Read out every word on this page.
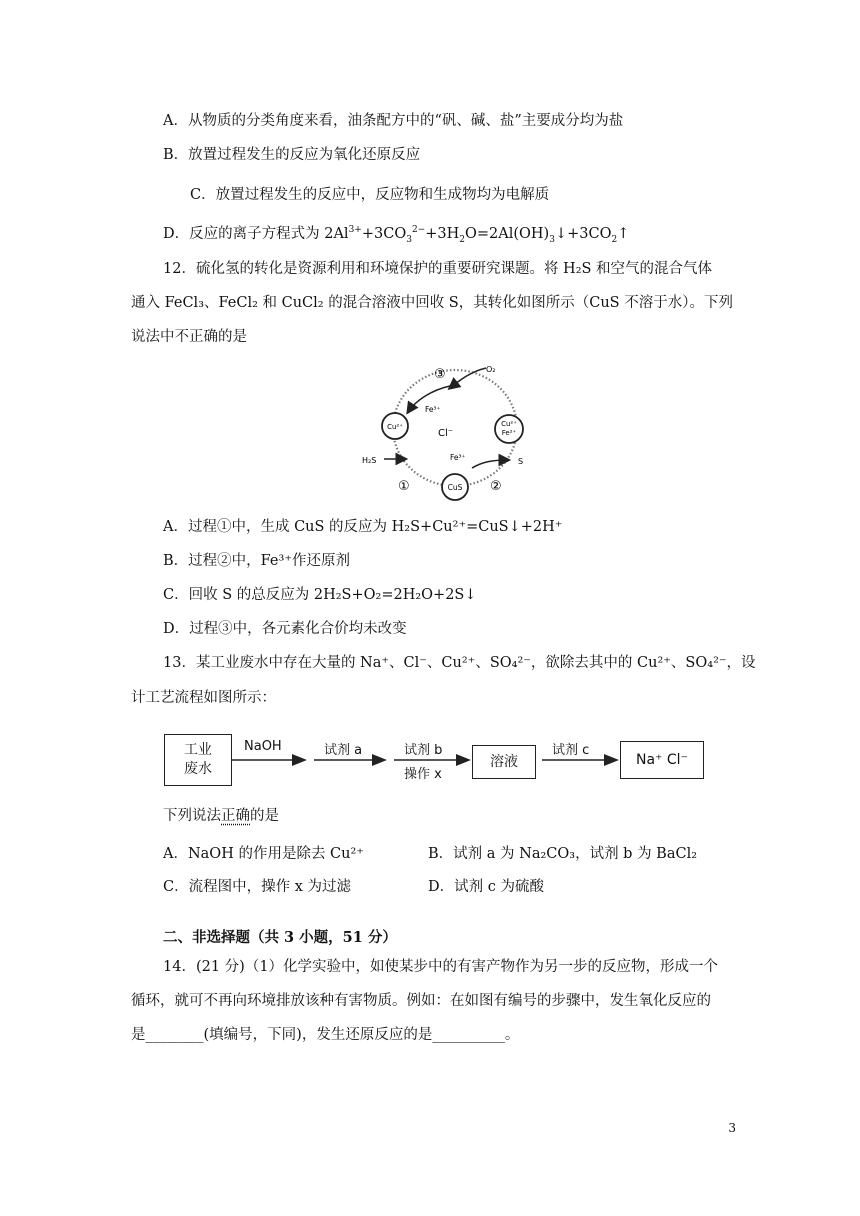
A．从物质的分类角度来看，油条配方中的“矾、碱、盐”主要成分均为盐
B．放置过程发生的反应为氧化还原反应
C．放置过程发生的反应中，反应物和生成物均为电解质
D．反应的离子方程式为 $2Al^{3+}+3CO_3^{2-}+3H_2O=2Al(OH)_3↓+3CO_2↑$
12．硫化氢的转化是资源利用和环境保护的重要研究课题。将 H₂S 和空气的混合气体
通入 FeCl₃、FeCl₂ 和 CuCl₂ 的混合溶液中回收 S，其转化如图所示（CuS 不溶于水）。下列
说法中不正确的是
Cu²⁺	Cu²⁺
Fe²⁺
CuS
Cl⁻
O₂
③
Fe³⁺
H₂S
①
Fe³⁺	S
②
A．过程①中，生成 CuS 的反应为 H₂S+Cu²⁺=CuS↓+2H⁺
B．过程②中，Fe³⁺作还原剂
C．回收 S 的总反应为 2H₂S+O₂=2H₂O+2S↓
D．过程③中，各元素化合价均未改变
13．某工业废水中存在大量的 Na⁺、Cl⁻、Cu²⁺、SO₄²⁻，欲除去其中的 Cu²⁺、SO₄²⁻，设
计工艺流程如图所示：
工业
废水
NaOH	试剂 a	试剂 b
操作 x
溶液
试剂 c
Na⁺ Cl⁻
下列说法正确的是
A．NaOH 的作用是除去 Cu²⁺	B．试剂 a 为 Na₂CO₃，试剂 b 为 BaCl₂
C．流程图中，操作 x 为过滤	D．试剂 c 为硫酸
二、非选择题（共 3 小题，51 分）
14．(21 分)（1）化学实验中，如使某步中的有害产物作为另一步的反应物，形成一个
循环，就可不再向环境排放该种有害物质。例如：在如图有编号的步骤中，发生氧化反应的
是________(填编号，下同)，发生还原反应的是__________。
3
